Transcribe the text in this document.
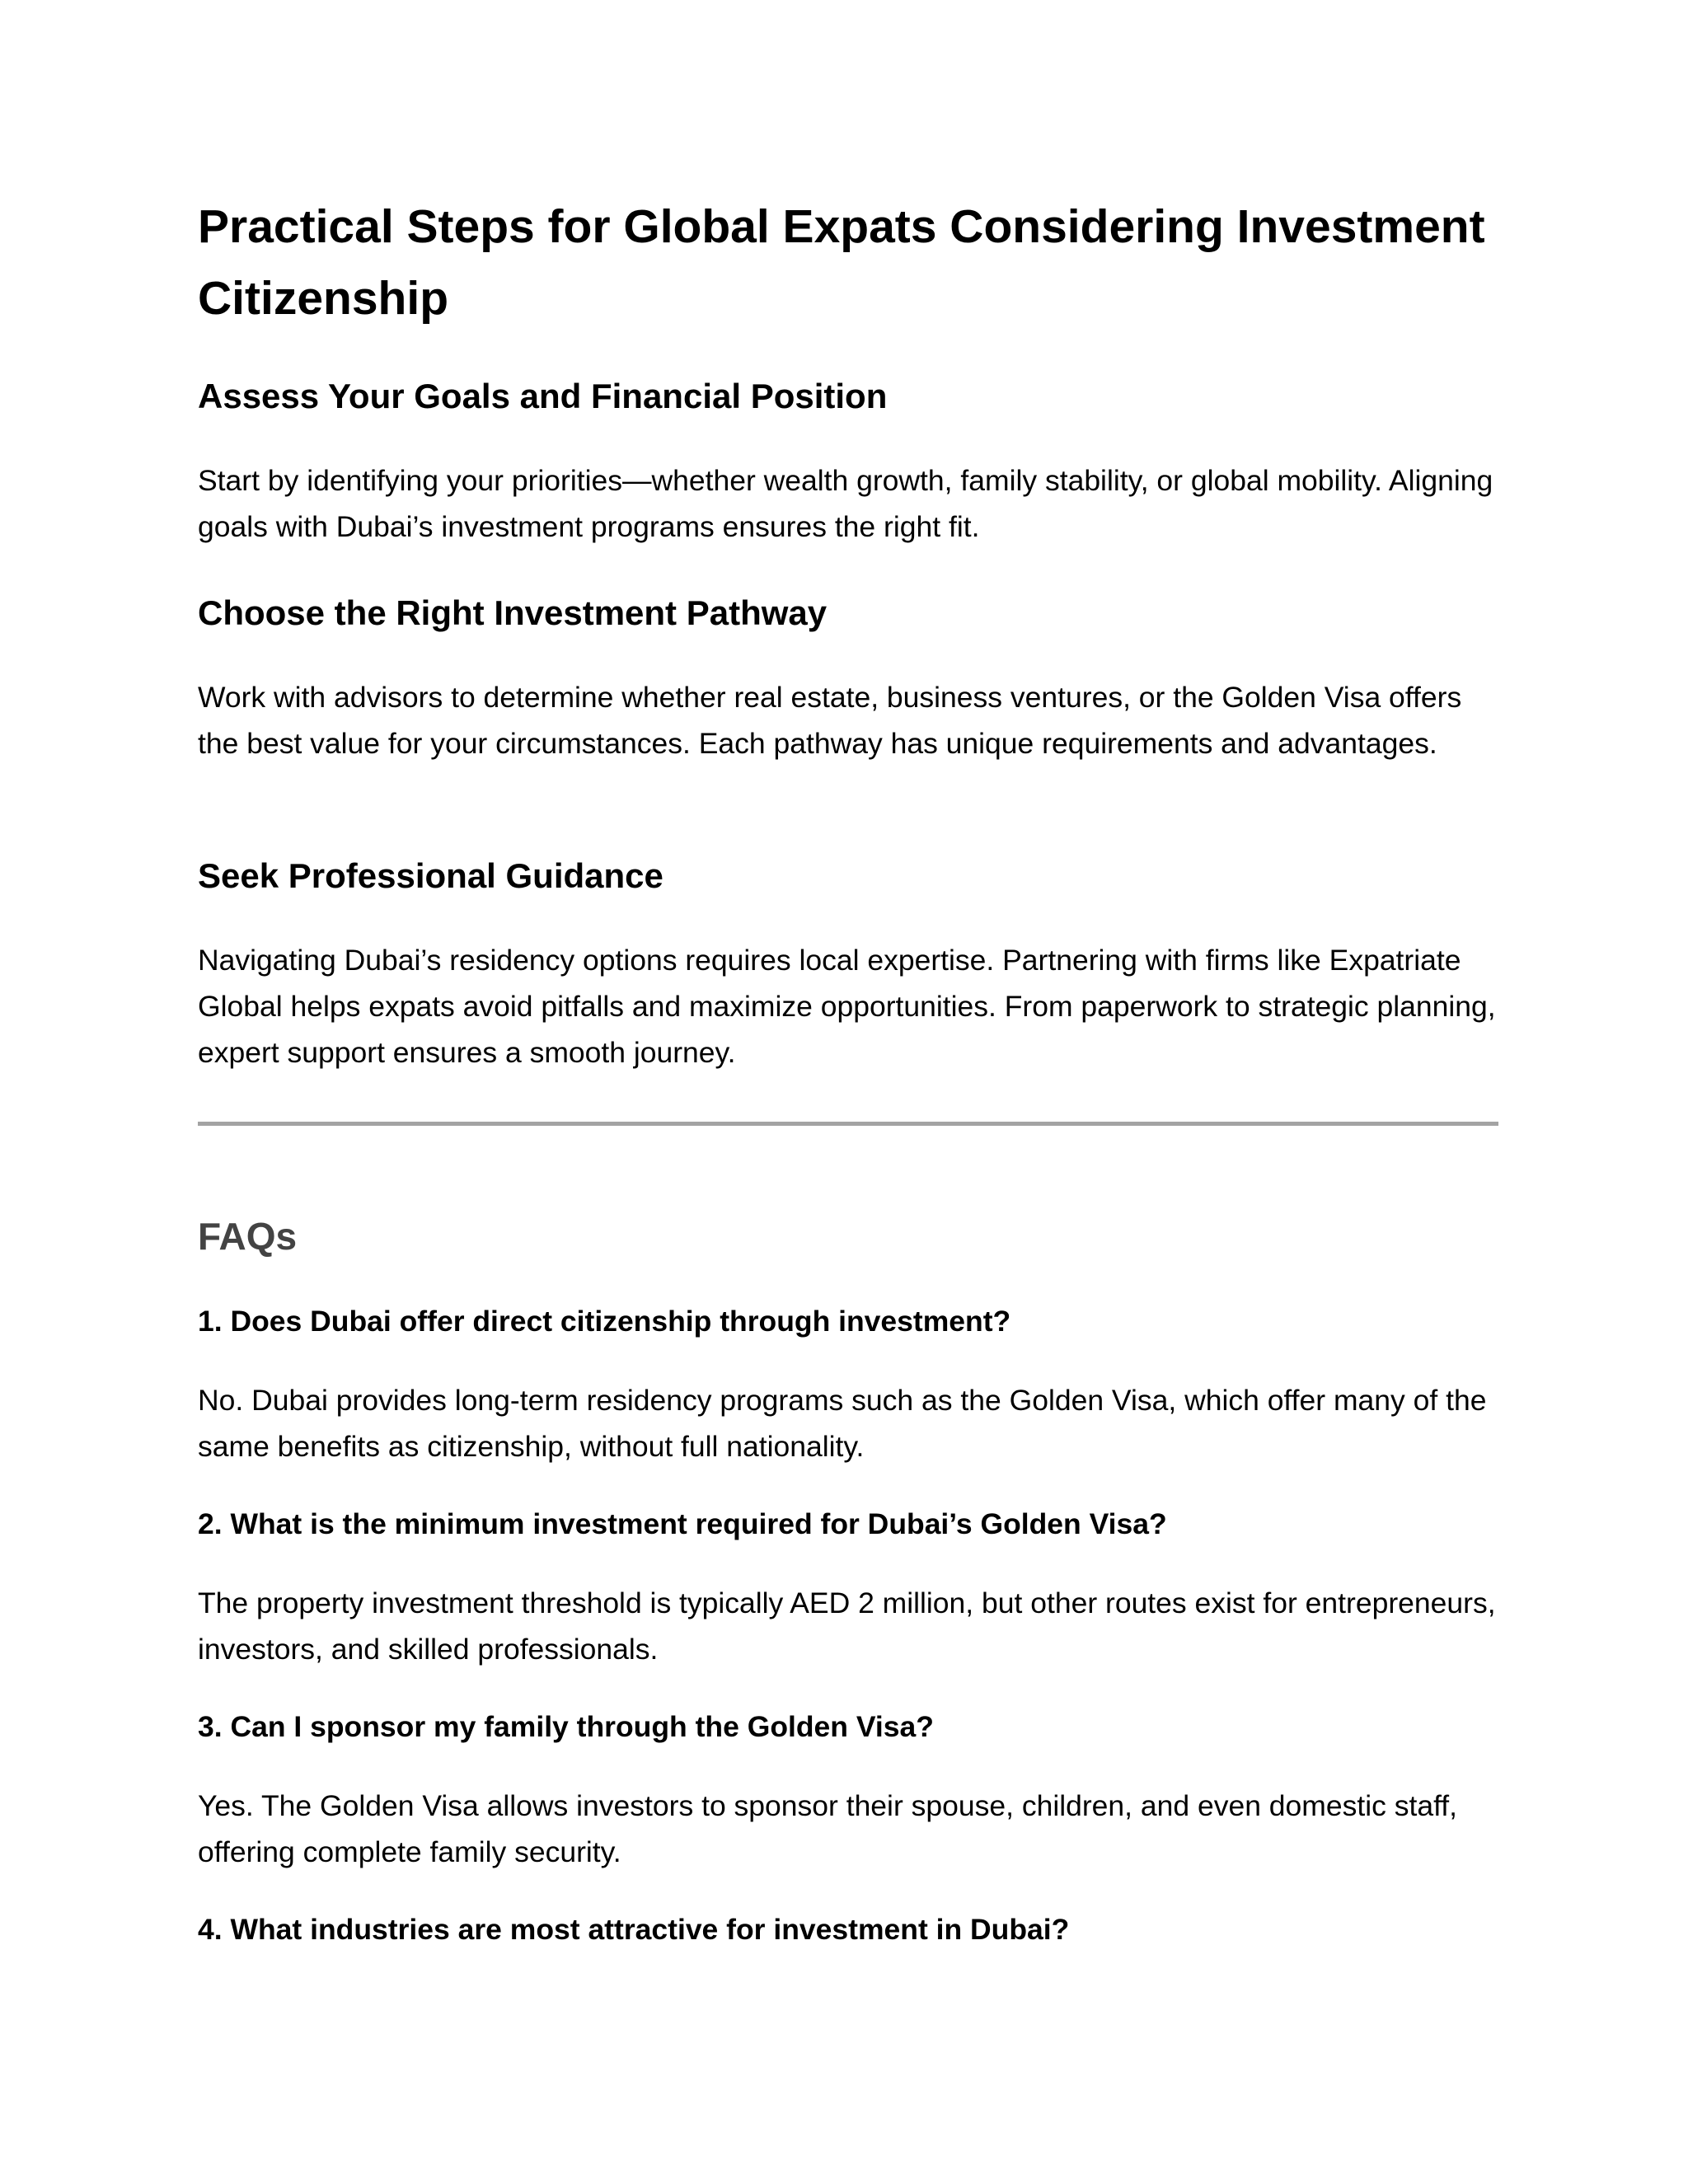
Practical Steps for Global Expats Considering Investment Citizenship
Assess Your Goals and Financial Position

Start by identifying your priorities—whether wealth growth, family stability, or global mobility. Aligning goals with Dubai’s investment programs ensures the right fit.

Choose the Right Investment Pathway

Work with advisors to determine whether real estate, business ventures, or the Golden Visa offers the best value for your circumstances. Each pathway has unique requirements and advantages.

Seek Professional Guidance

Navigating Dubai’s residency options requires local expertise. Partnering with firms like Expatriate Global helps expats avoid pitfalls and maximize opportunities. From paperwork to strategic planning, expert support ensures a smooth journey.

FAQs
1. Does Dubai offer direct citizenship through investment?

No. Dubai provides long-term residency programs such as the Golden Visa, which offer many of the same benefits as citizenship, without full nationality.

2. What is the minimum investment required for Dubai’s Golden Visa?

The property investment threshold is typically AED 2 million, but other routes exist for entrepreneurs, investors, and skilled professionals.

3. Can I sponsor my family through the Golden Visa?

Yes. The Golden Visa allows investors to sponsor their spouse, children, and even domestic staff, offering complete family security.

4. What industries are most attractive for investment in Dubai?
